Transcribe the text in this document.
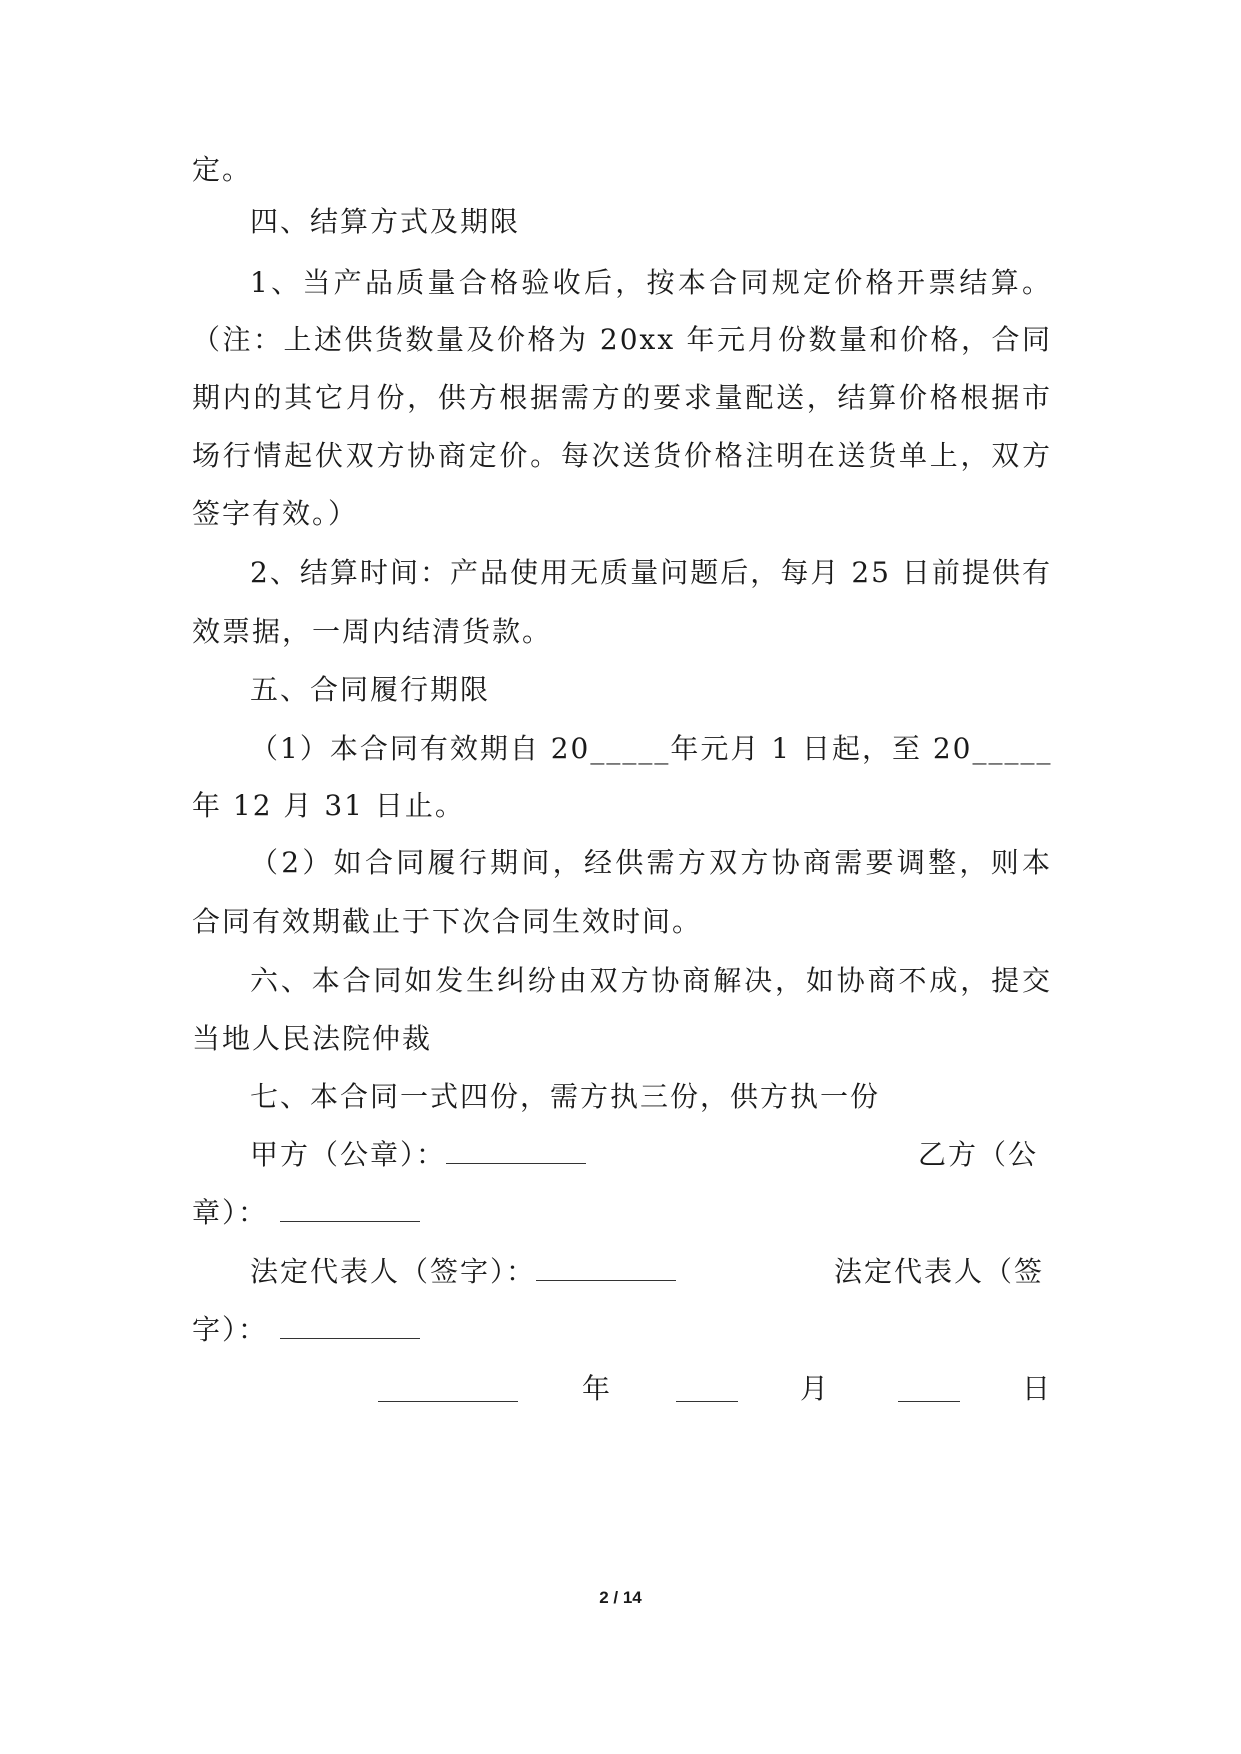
定。
四、结算方式及期限
1、当产品质量合格验收后，按本合同规定价格开票结算。
（注：上述供货数量及价格为 20xx 年元月份数量和价格，合同
期内的其它月份，供方根据需方的要求量配送，结算价格根据市
场行情起伏双方协商定价。每次送货价格注明在送货单上，双方
签字有效。）
2、结算时间：产品使用无质量问题后，每月 25 日前提供有
效票据，一周内结清货款。
五、合同履行期限
（1）本合同有效期自 20_____年元月 1 日起，至 20_____
年 12 月 31 日止。
（2）如合同履行期间，经供需方双方协商需要调整，则本
合同有效期截止于下次合同生效时间。
六、本合同如发生纠纷由双方协商解决，如协商不成，提交
当地人民法院仲裁
七、本合同一式四份，需方执三份，供方执一份
甲方（公章）：	乙方（公
章）：
法定代表人（签字）：	法定代表人（签
字）：
年	月	日
2 / 14
